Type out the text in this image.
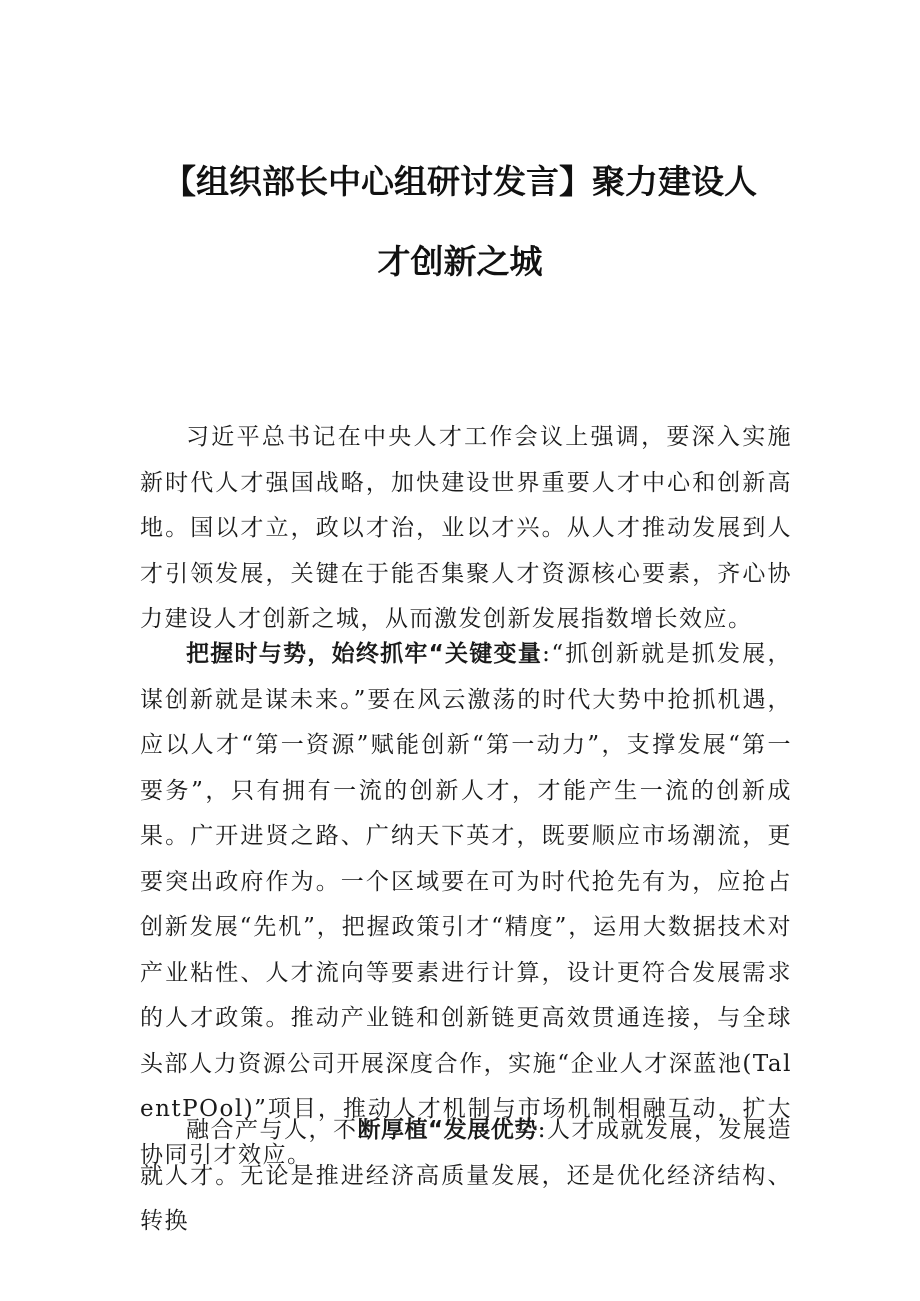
【组织部长中心组研讨发言】聚力建设人
才创新之城

习近平总书记在中央人才工作会议上强调，要深入实施新时代人才强国战略，加快建设世界重要人才中心和创新高地。国以才立，政以才治，业以才兴。从人才推动发展到人才引领发展，关键在于能否集聚人才资源核心要素，齐心协力建设人才创新之城，从而激发创新发展指数增长效应。

把握时与势，始终抓牢“关键变量:“抓创新就是抓发展，谋创新就是谋未来。”要在风云激荡的时代大势中抢抓机遇，应以人才“第一资源”赋能创新“第一动力”，支撑发展“第一要务”，只有拥有一流的创新人才，才能产生一流的创新成果。广开进贤之路、广纳天下英才，既要顺应市场潮流，更要突出政府作为。一个区域要在可为时代抢先有为，应抢占创新发展“先机”，把握政策引才“精度”，运用大数据技术对产业粘性、人才流向等要素进行计算，设计更符合发展需求的人才政策。推动产业链和创新链更高效贯通连接，与全球头部人力资源公司开展深度合作，实施“企业人才深蓝池(TalentPOol)”项目，推动人才机制与市场机制相融互动，扩大协同引才效应。

融合产与人，不断厚植“发展优势:人才成就发展，发展造就人才。无论是推进经济高质量发展，还是优化经济结构、转换
